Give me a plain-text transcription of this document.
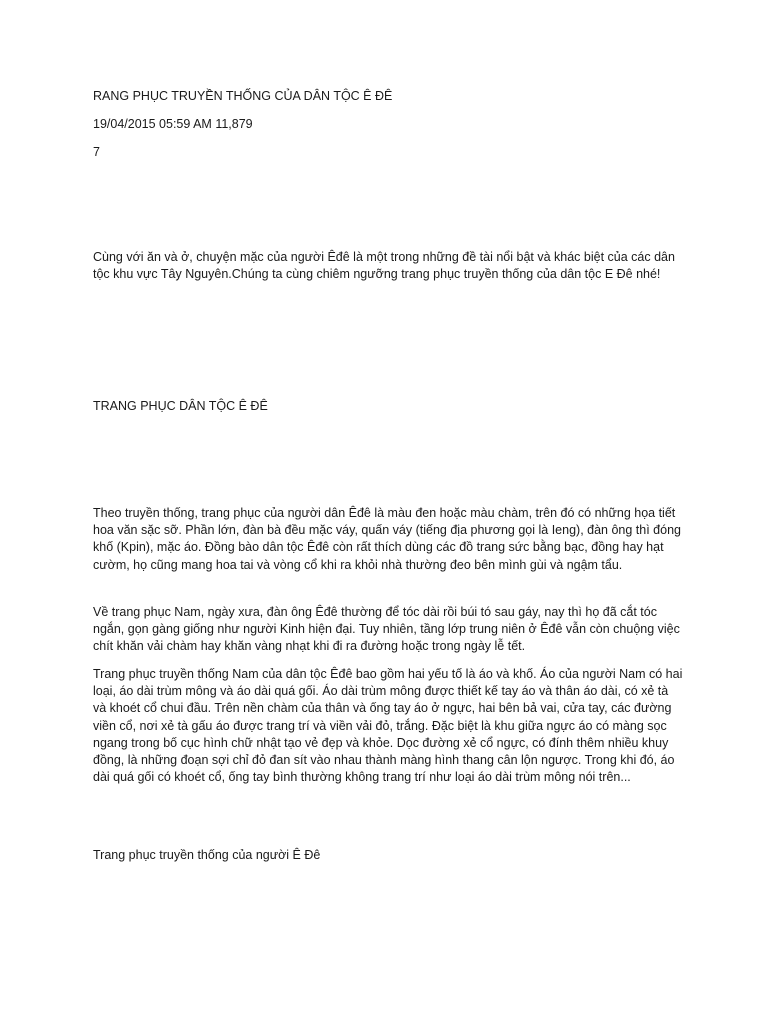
RANG PHỤC TRUYỀN THỐNG CỦA DÂN TỘC Ê ĐÊ
19/04/2015 05:59 AM 11,879
7

Cùng với ăn và ở, chuyện mặc của người Êđê là một trong những đề tài nổi bật và khác biệt của các dân tộc khu vực Tây Nguyên.Chúng ta cùng chiêm ngưỡng trang phục truyền thống của dân tộc E Đê nhé!

TRANG PHỤC DÂN TỘC Ê ĐÊ

Theo truyền thống, trang phục của người dân Êđê là màu đen hoặc màu chàm, trên đó có những họa tiết hoa văn sặc sỡ. Phần lớn, đàn bà đều mặc váy, quấn váy (tiếng địa phương gọi là Ieng), đàn ông thì đóng khố (Kpin), mặc áo. Đồng bào dân tộc Êđê còn rất thích dùng các đồ trang sức bằng bạc, đồng hay hạt cườm, họ cũng mang hoa tai và vòng cổ khi ra khỏi nhà thường đeo bên mình gùi và ngậm tẩu.

Về trang phục Nam, ngày xưa, đàn ông Êđê thường để tóc dài rồi búi tó sau gáy, nay thì họ đã cắt tóc ngắn, gọn gàng giống như người Kinh hiện đại. Tuy nhiên, tầng lớp trung niên ở Êđê vẫn còn chuộng việc chít khăn vải chàm hay khăn vàng nhạt khi đi ra đường hoặc trong ngày lễ tết.

Trang phục truyền thống Nam của dân tộc Êđê bao gồm hai yếu tố là áo và khố. Áo của người Nam có hai loại, áo dài trùm mông và áo dài quá gối. Áo dài trùm mông được thiết kế tay áo và thân áo dài, có xẻ tà và khoét cổ chui đầu. Trên nền chàm của thân và ống tay áo ở ngực, hai bên bả vai, cửa tay, các đường viền cổ, nơi xẻ tà gấu áo được trang trí và viền vải đỏ, trắng. Đặc biệt là khu giữa ngực áo có màng sọc ngang trong bố cục hình chữ nhật tạo vẻ đẹp và khỏe. Dọc đường xẻ cổ ngực, có đính thêm nhiều khuy đồng, là những đoạn sợi chỉ đỏ đan sít vào nhau thành màng hình thang cân lộn ngược. Trong khi đó, áo dài quá gối có khoét cổ, ống tay bình thường không trang trí như loại áo dài trùm mông nói trên...

Trang phục truyền thống của người Ê Đê
